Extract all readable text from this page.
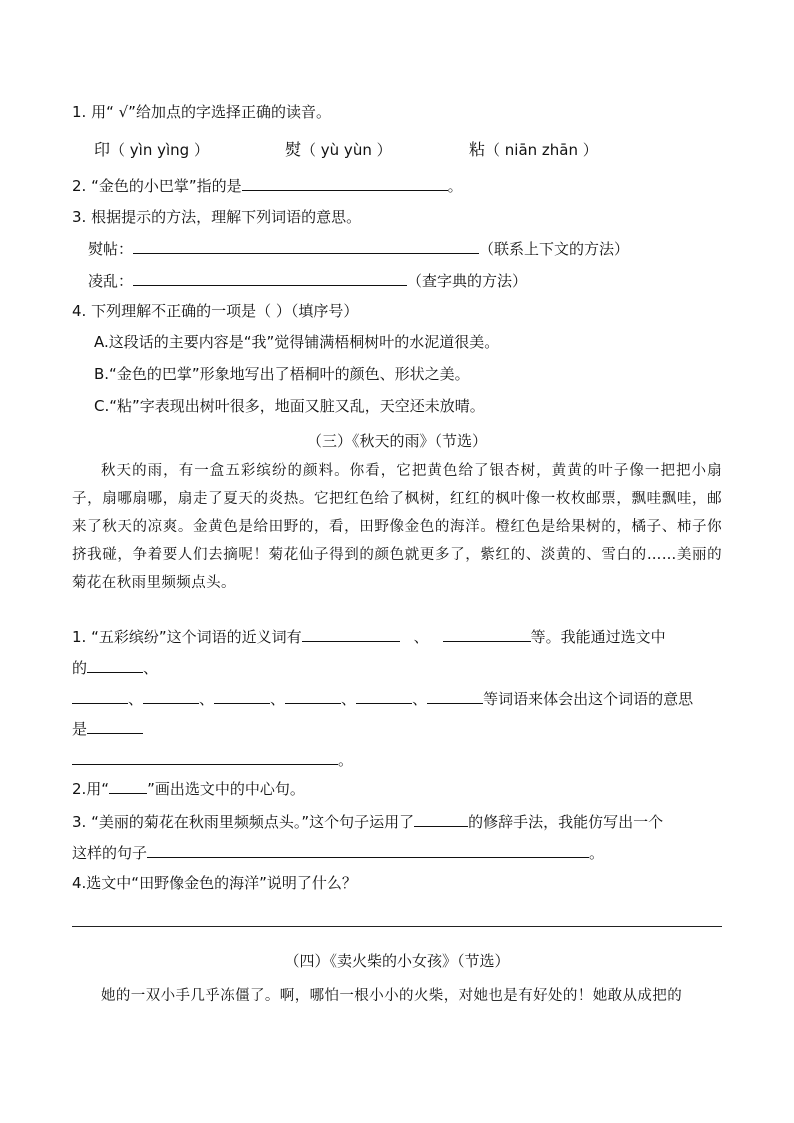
1. 用“ √”给加点的字选择正确的读音。
印（ yìn yìng ）	熨（ yù yùn ）	粘（ niān zhān ）
2. “金色的小巴掌”指的是	。
3. 根据提示的方法，理解下列词语的意思。
熨帖：	（联系上下文的方法）
凌乱：	（查字典的方法）
4. 下列理解不正确的一项是（ ）（填序号）
A.这段话的主要内容是“我”觉得铺满梧桐树叶的水泥道很美。
B.“金色的巴掌”形象地写出了梧桐叶的颜色、形状之美。
C.“粘”字表现出树叶很多，地面又脏又乱，天空还未放晴。
（三）《秋天的雨》（节选）
秋天的雨，有一盒五彩缤纷的颜料。你看，它把黄色给了银杏树，黄黄的叶子像一把把小扇子，扇哪扇哪，扇走了夏天的炎热。它把红色给了枫树，红红的枫叶像一枚枚邮票，飘哇飘哇，邮来了秋天的凉爽。金黄色是给田野的，看，田野像金色的海洋。橙红色是给果树的，橘子、柿子你挤我碰，争着要人们去摘呢！菊花仙子得到的颜色就更多了，紫红的、淡黄的、雪白的……美丽的菊花在秋雨里频频点头。
1. “五彩缤纷”这个词语的近义词有	、	等。我能通过选文中
的	、
、	、	、	、	、	等词语来体会出这个词语的意思
是
。
2.用“	”画出选文中的中心句。
3. “美丽的菊花在秋雨里频频点头。”这个句子运用了	的修辞手法，我能仿写出一个
这样的句子	。
4.选文中“田野像金色的海洋”说明了什么？
（四）《卖火柴的小女孩》（节选）
她的一双小手几乎冻僵了。啊，哪怕一根小小的火柴，对她也是有好处的！她敢从成把的
